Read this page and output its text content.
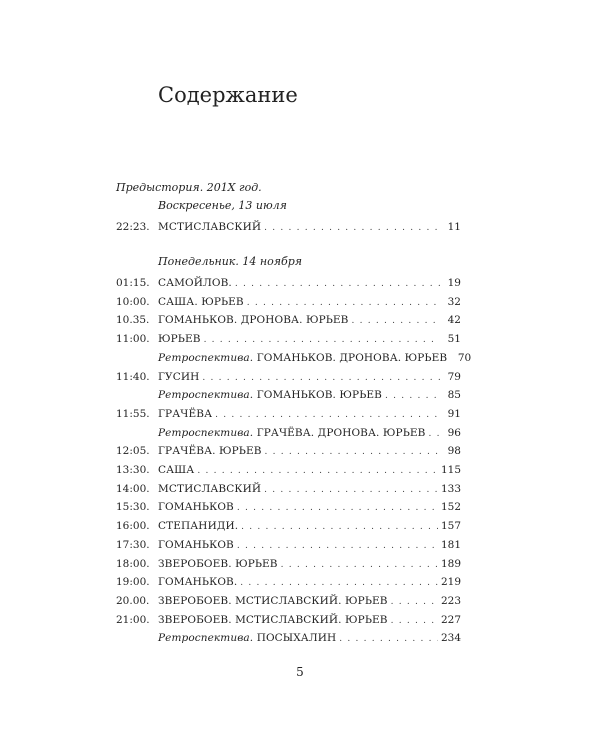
Содержание
Предыстория. 201X год.
Воскресенье, 13 июля
22:23. МСТИСЛАВСКИЙ . . .	11
Понедельник. 14 ноября
01:15. САМОЙЛОВ. . . .	19
10:00. САША. ЮРЬЕВ . . .	32
10.35. ГОМАНЬКОВ. ДРОНОВА. ЮРЬЕВ . . .	42
11:00. ЮРЬЕВ . . .	51
Ретроспектива. ГОМАНЬКОВ. ДРОНОВА. ЮРЬЕВ	70
11:40. ГУСИН . . .	79
Ретроспектива. ГОМАНЬКОВ. ЮРЬЕВ . . .	85
11:55. ГРАЧЁВА . . .	91
Ретроспектива. ГРАЧЁВА. ДРОНОВА. ЮРЬЕВ . . .	96
12:05. ГРАЧЁВА. ЮРЬЕВ . . .	98
13:30. САША . . .	115
14:00. МСТИСЛАВСКИЙ . . .	133
15:30. ГОМАНЬКОВ . . .	152
16:00. СТЕПАНИДИ. . . .	157
17:30. ГОМАНЬКОВ . . .	181
18:00. ЗВЕРОБОЕВ. ЮРЬЕВ . . .	189
19:00. ГОМАНЬКОВ. . . .	219
20.00. ЗВЕРОБОЕВ. МСТИСЛАВСКИЙ. ЮРЬЕВ . . .	223
21:00. ЗВЕРОБОЕВ. МСТИСЛАВСКИЙ. ЮРЬЕВ . . .	227
Ретроспектива. ПОСЫХАЛИН . . .	234
5
